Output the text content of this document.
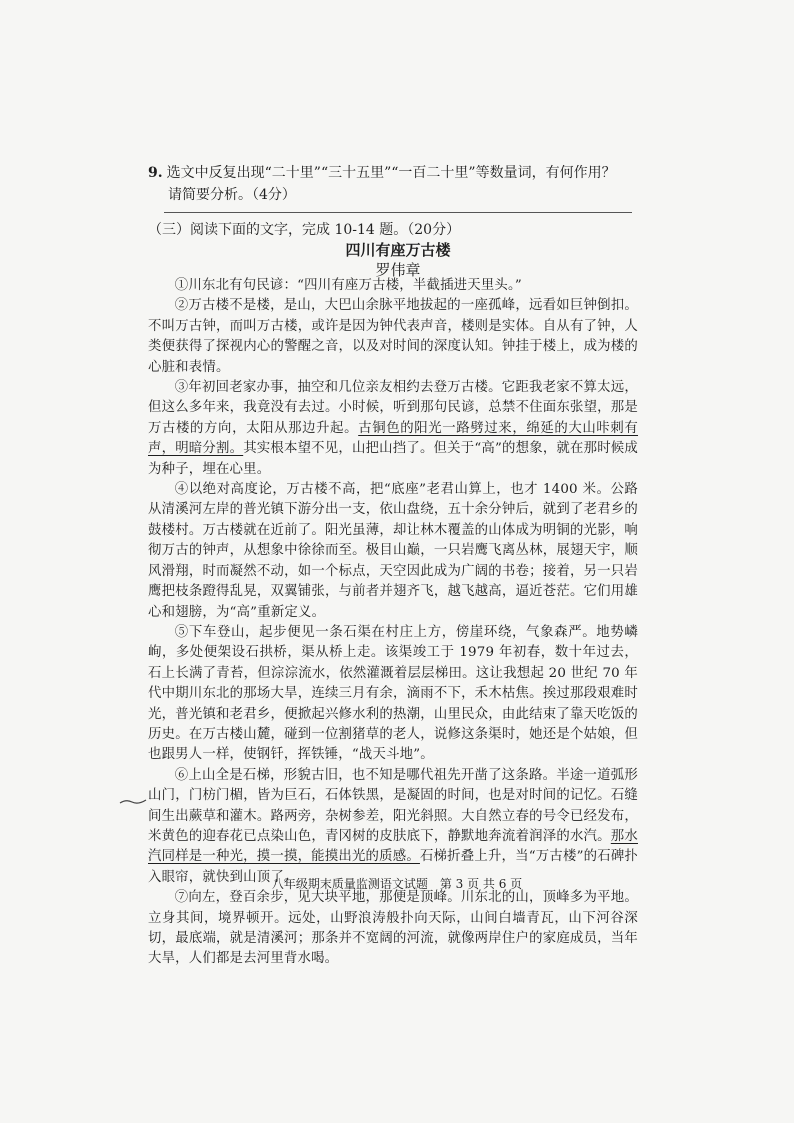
9. 选文中反复出现“二十里”“三十五里”“一百二十里”等数量词，有何作用？
请简要分析。（4分）
（三）阅读下面的文字，完成 10-14 题。（20分）
四川有座万古楼
罗伟章

①川东北有句民谚：“四川有座万古楼，半截插进天里头。”

②万古楼不是楼，是山，大巴山余脉平地拔起的一座孤峰，远看如巨钟倒扣。不叫万古钟，而叫万古楼，或许是因为钟代表声音，楼则是实体。自从有了钟，人类便获得了探视内心的警醒之音，以及对时间的深度认知。钟挂于楼上，成为楼的心脏和表情。

③年初回老家办事，抽空和几位亲友相约去登万古楼。它距我老家不算太远，但这么多年来，我竟没有去过。小时候，听到那句民谚，总禁不住面东张望，那是万古楼的方向，太阳从那边升起。古铜色的阳光一路劈过来，绵延的大山咔刺有声，明暗分割。其实根本望不见，山把山挡了。但关于“高”的想象，就在那时候成为种子，埋在心里。

④以绝对高度论，万古楼不高，把“底座”老君山算上，也才 1400 米。公路从清溪河左岸的普光镇下游分出一支，依山盘绕，五十余分钟后，就到了老君乡的鼓楼村。万古楼就在近前了。阳光虽薄，却让林木覆盖的山体成为明铜的光影，响彻万古的钟声，从想象中徐徐而至。极目山巅，一只岩鹰飞离丛林，展翅天宇，顺风滑翔，时而凝然不动，如一个标点，天空因此成为广阔的书卷；接着，另一只岩鹰把枝条蹬得乱晃，双翼铺张，与前者并翅齐飞，越飞越高，逼近苍茫。它们用雄心和翅膀，为“高”重新定义。

⑤下车登山，起步便见一条石渠在村庄上方，傍崖环绕，气象森严。地势嶙峋，多处便架设石拱桥，渠从桥上走。该渠竣工于 1979 年初春，数十年过去，石上长满了青苔，但淙淙流水，依然灌溉着层层梯田。这让我想起 20 世纪 70 年代中期川东北的那场大旱，连续三月有余，滴雨不下，禾木枯焦。挨过那段艰难时光，普光镇和老君乡，便掀起兴修水利的热潮，山里民众，由此结束了靠天吃饭的历史。在万古楼山麓，碰到一位割猪草的老人，说修这条渠时，她还是个姑娘，但也跟男人一样，使钢钎，挥铁锤，“战天斗地”。

⑥上山全是石梯，形貌古旧，也不知是哪代祖先开凿了这条路。半途一道弧形山门，门枋门楣，皆为巨石，石体铁黑，是凝固的时间，也是对时间的记忆。石缝间生出蕨草和灌木。路两旁，杂树参差，阳光斜照。大自然立春的号令已经发布，米黄色的迎春花已点染山色，青冈树的皮肤底下，静默地奔流着润泽的水汽。那水汽同样是一种光，摸一摸，能摸出光的质感。石梯折叠上升，当“万古楼”的石碑扑入眼帘，就快到山顶了。

⑦向左，登百余步，见大块平地，那便是顶峰。川东北的山，顶峰多为平地。立身其间，境界顿开。远处，山野浪涛般扑向天际，山间白墙青瓦，山下河谷深切，最底端，就是清溪河；那条并不宽阔的河流，就像两岸住户的家庭成员，当年大旱，人们都是去河里背水喝。

八年级期末质量监测语文试题　第 3 页 共 6 页
